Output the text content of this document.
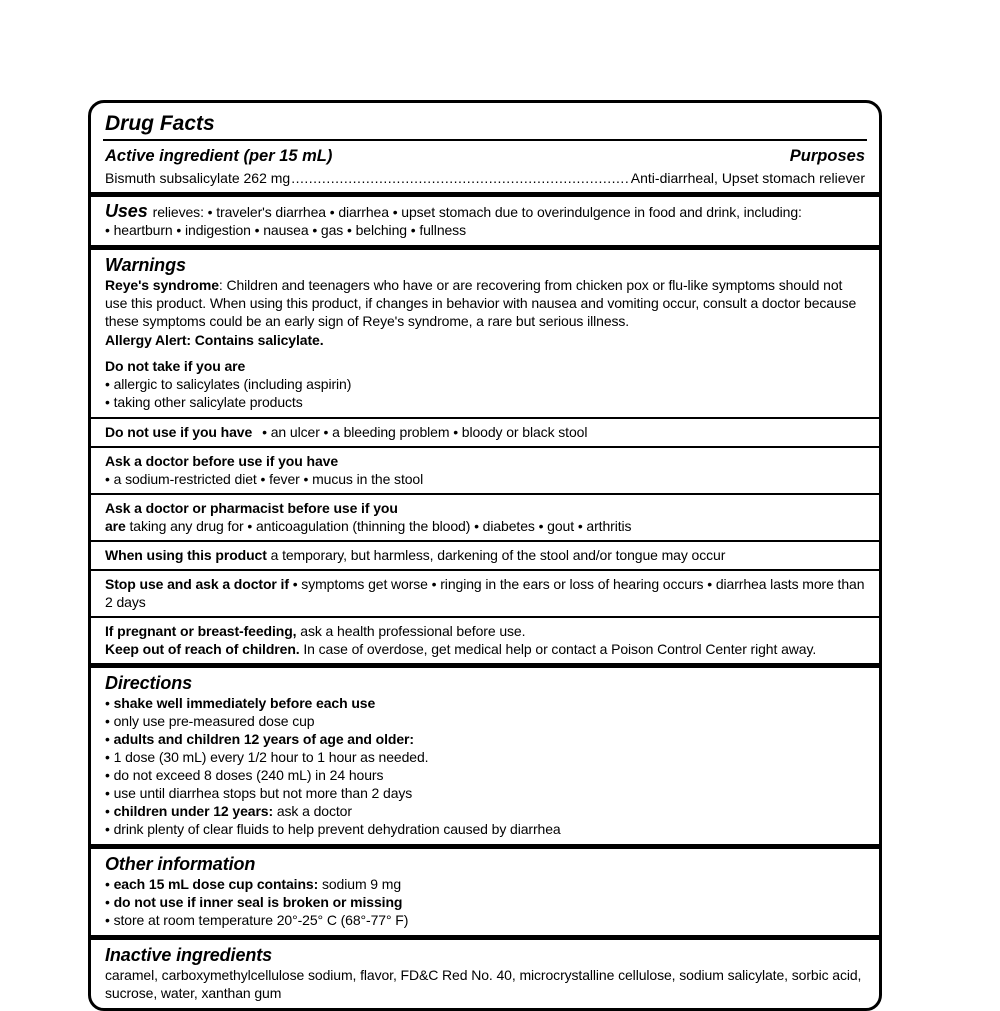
Drug Facts
Active ingredient (per 15 mL)	Purposes
Bismuth subsalicylate 262 mg .....	Anti-diarrheal, Upset stomach reliever
Uses relieves: • traveler's diarrhea • diarrhea • upset stomach due to overindulgence in food and drink, including:
• heartburn • indigestion • nausea • gas • belching • fullness
Warnings
Reye's syndrome: Children and teenagers who have or are recovering from chicken pox or flu-like symptoms should not use this product. When using this product, if changes in behavior with nausea and vomiting occur, consult a doctor because these symptoms could be an early sign of Reye's syndrome, a rare but serious illness.
Allergy Alert: Contains salicylate.
Do not take if you are
• allergic to salicylates (including aspirin)
• taking other salicylate products
Do not use if you have • an ulcer • a bleeding problem • bloody or black stool
Ask a doctor before use if you have
• a sodium-restricted diet • fever • mucus in the stool
Ask a doctor or pharmacist before use if you
are taking any drug for • anticoagulation (thinning the blood) • diabetes • gout • arthritis
When using this product a temporary, but harmless, darkening of the stool and/or tongue may occur
Stop use and ask a doctor if • symptoms get worse • ringing in the ears or loss of hearing occurs • diarrhea lasts more than 2 days
If pregnant or breast-feeding, ask a health professional before use.
Keep out of reach of children. In case of overdose, get medical help or contact a Poison Control Center right away.
Directions
• shake well immediately before each use
• only use pre-measured dose cup
• adults and children 12 years of age and older:
• 1 dose (30 mL) every 1/2 hour to 1 hour as needed.
• do not exceed 8 doses (240 mL) in 24 hours
• use until diarrhea stops but not more than 2 days
• children under 12 years: ask a doctor
• drink plenty of clear fluids to help prevent dehydration caused by diarrhea
Other information
• each 15 mL dose cup contains: sodium 9 mg
• do not use if inner seal is broken or missing
• store at room temperature 20°-25° C (68°-77° F)
Inactive ingredients
caramel, carboxymethylcellulose sodium, flavor, FD&C Red No. 40, microcrystalline cellulose, sodium salicylate, sorbic acid, sucrose, water, xanthan gum
